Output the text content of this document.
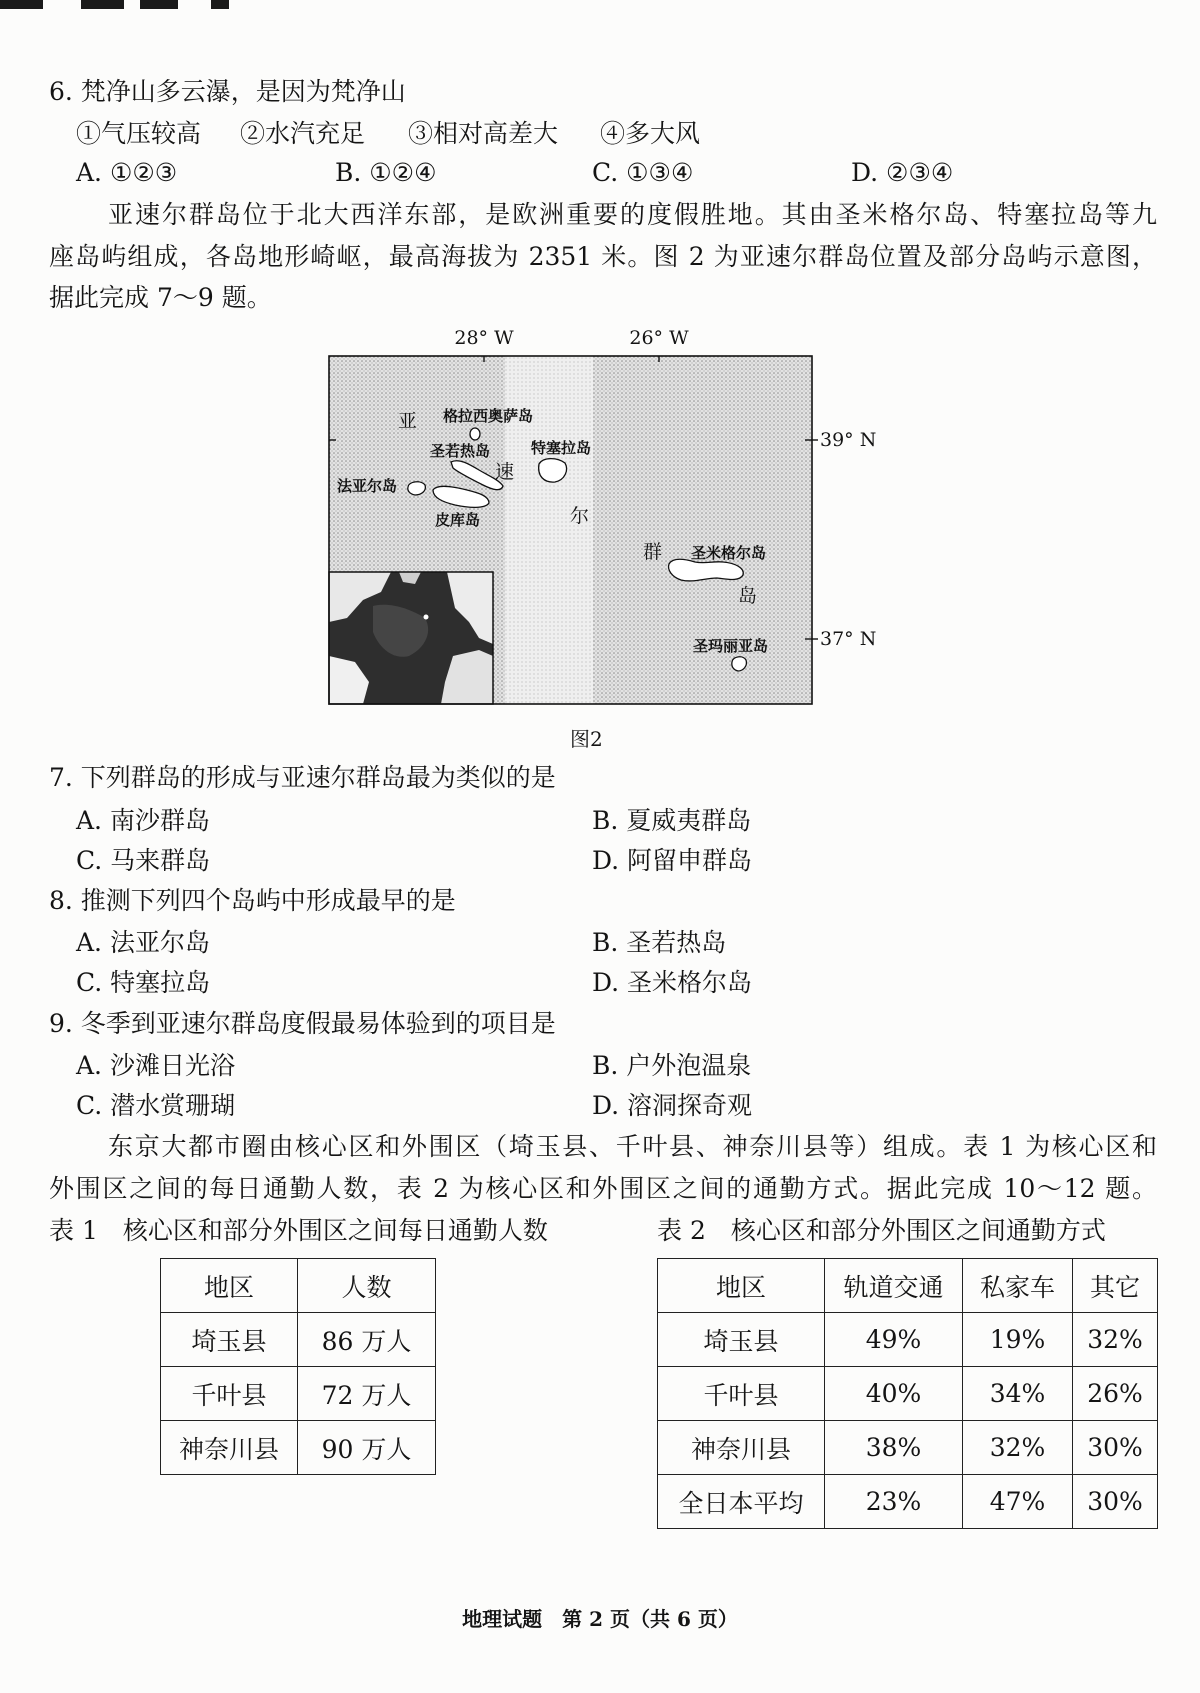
6. 梵净山多云瀑，是因为梵净山
①气压较高 ②水汽充足 ③相对高差大 ④多大风
A. ①②③	B. ①②④	C. ①③④	D. ②③④
亚速尔群岛位于北大西洋东部，是欧洲重要的度假胜地。其由圣米格尔岛、特塞拉岛等九
座岛屿组成，各岛地形崎岖，最高海拔为 2351 米。图 2 为亚速尔群岛位置及部分岛屿示意图，
据此完成 7～9 题。
28° W	26° W
39° N
37° N
亚
速
尔
群
岛
格拉西奥萨岛
圣若热岛	特塞拉岛
法亚尔岛
皮库岛
圣米格尔岛
圣玛丽亚岛
图2
7. 下列群岛的形成与亚速尔群岛最为类似的是
A. 南沙群岛	B. 夏威夷群岛
C. 马来群岛	D. 阿留申群岛
8. 推测下列四个岛屿中形成最早的是
A. 法亚尔岛	B. 圣若热岛
C. 特塞拉岛	D. 圣米格尔岛
9. 冬季到亚速尔群岛度假最易体验到的项目是
A. 沙滩日光浴	B. 户外泡温泉
C. 潜水赏珊瑚	D. 溶洞探奇观
东京大都市圈由核心区和外围区（埼玉县、千叶县、神奈川县等）组成。表 1 为核心区和
外围区之间的每日通勤人数，表 2 为核心区和外围区之间的通勤方式。据此完成 10～12 题。
表 1　核心区和部分外围区之间每日通勤人数	表 2　核心区和部分外围区之间通勤方式
地区	人数
埼玉县	86 万人
千叶县	72 万人
神奈川县	90 万人
地区	轨道交通	私家车	其它
埼玉县	49%	19%	32%
千叶县	40%	34%	26%
神奈川县	38%	32%	30%
全日本平均	23%	47%	30%
地理试题　第 2 页（共 6 页）
